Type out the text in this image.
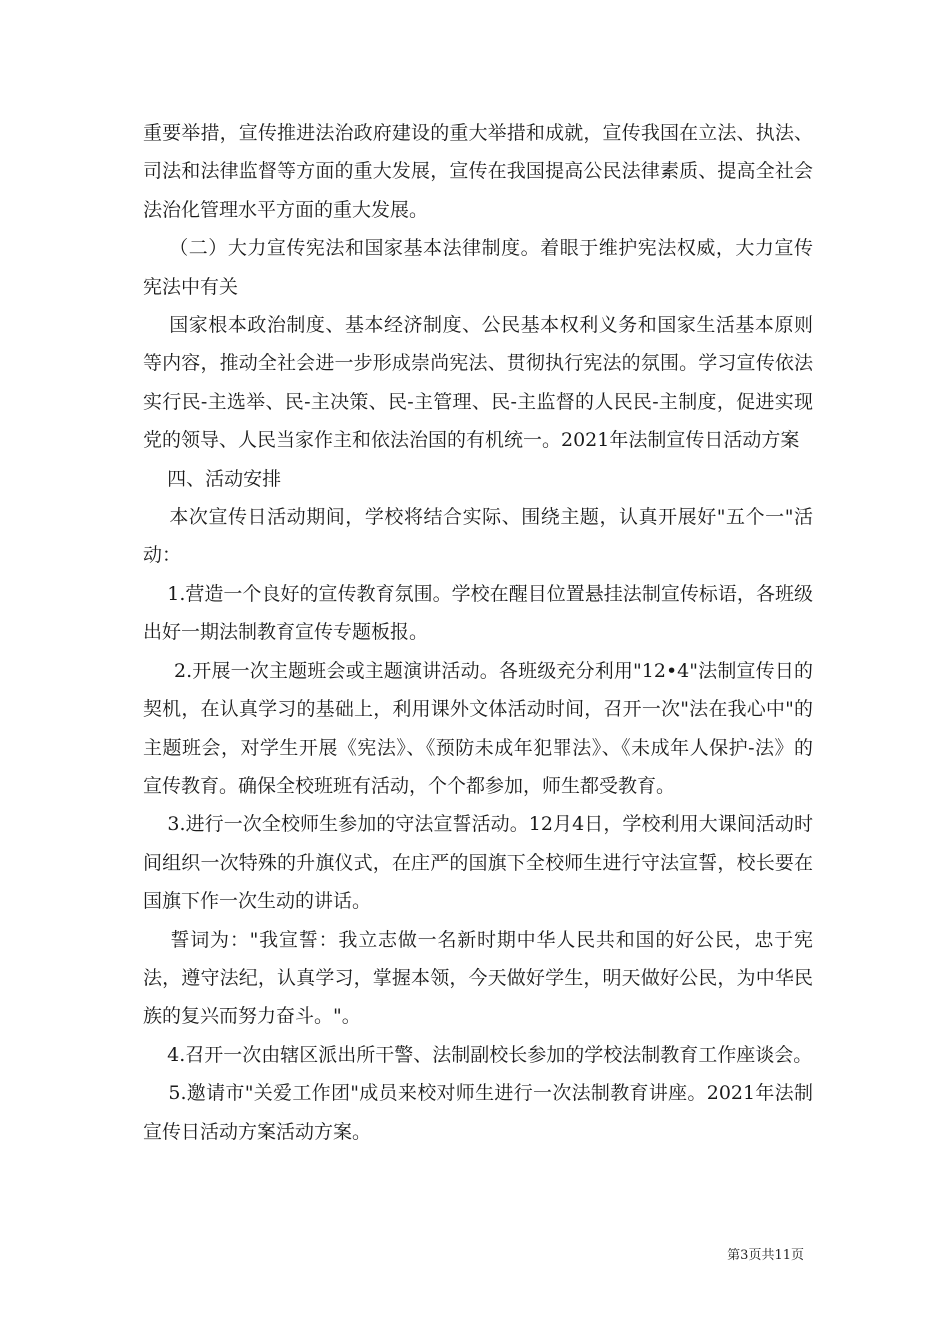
重要举措，宣传推进法治政府建设的重大举措和成就，宣传我国在立法、执法、司法和法律监督等方面的重大发展，宣传在我国提高公民法律素质、提高全社会法治化管理水平方面的重大发展。

（二）大力宣传宪法和国家基本法律制度。着眼于维护宪法权威，大力宣传宪法中有关

国家根本政治制度、基本经济制度、公民基本权利义务和国家生活基本原则等内容，推动全社会进一步形成崇尚宪法、贯彻执行宪法的氛围。学习宣传依法实行民-主选举、民-主决策、民-主管理、民-主监督的人民民-主制度，促进实现党的领导、人民当家作主和依法治国的有机统一。2021年法制宣传日活动方案

四、活动安排

本次宣传日活动期间，学校将结合实际、围绕主题，认真开展好"五个一"活动：

1.营造一个良好的宣传教育氛围。学校在醒目位置悬挂法制宣传标语，各班级出好一期法制教育宣传专题板报。

2.开展一次主题班会或主题演讲活动。各班级充分利用"12•4"法制宣传日的契机，在认真学习的基础上，利用课外文体活动时间，召开一次"法在我心中"的主题班会，对学生开展《宪法》、《预防未成年犯罪法》、《未成年人保护-法》的宣传教育。确保全校班班有活动，个个都参加，师生都受教育。

3.进行一次全校师生参加的守法宣誓活动。12月4日，学校利用大课间活动时间组织一次特殊的升旗仪式，在庄严的国旗下全校师生进行守法宣誓，校长要在国旗下作一次生动的讲话。

誓词为："我宣誓：我立志做一名新时期中华人民共和国的好公民，忠于宪法，遵守法纪，认真学习，掌握本领，今天做好学生，明天做好公民，为中华民族的复兴而努力奋斗。"。

4.召开一次由辖区派出所干警、法制副校长参加的学校法制教育工作座谈会。

5.邀请市"关爱工作团"成员来校对师生进行一次法制教育讲座。2021年法制宣传日活动方案活动方案。

第3页共11页
